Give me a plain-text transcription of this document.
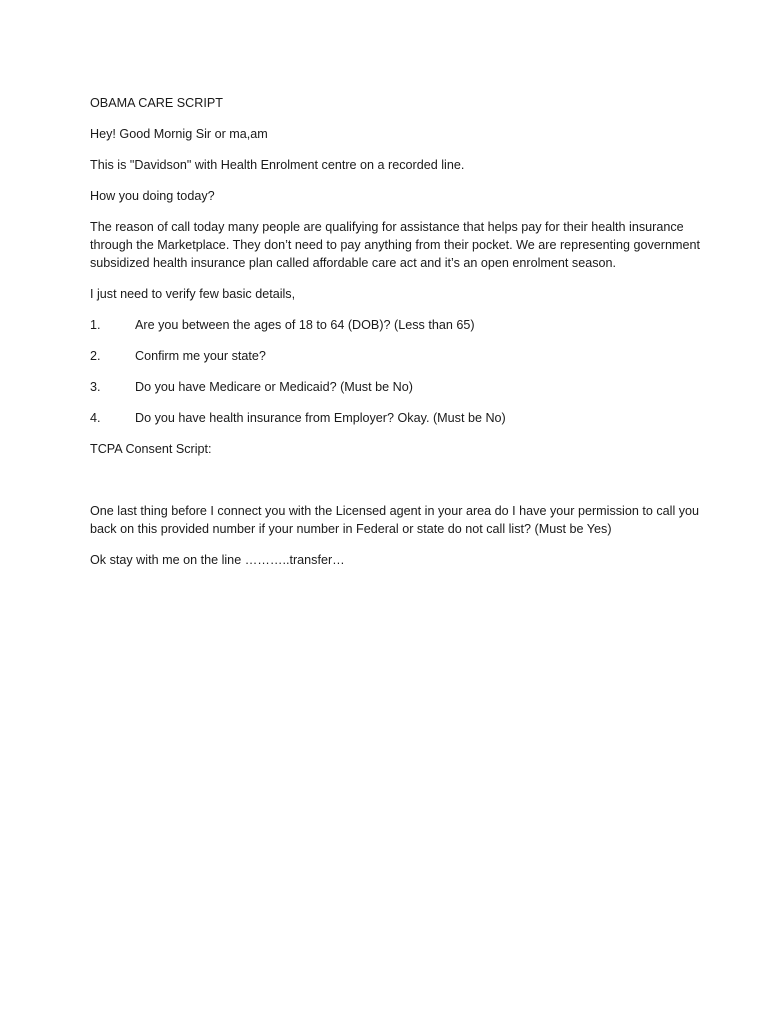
OBAMA CARE SCRIPT

Hey! Good Mornig Sir or ma,am

This is "Davidson" with Health Enrolment centre on a recorded line.

How you doing today?

The reason of call today many people are qualifying for assistance that helps pay for their health insurance through the Marketplace. They don’t need to pay anything from their pocket. We are representing government subsidized health insurance plan called affordable care act and it’s an open enrolment season.

I just need to verify few basic details,

1.	Are you between the ages of 18 to 64 (DOB)? (Less than 65)
2.	Confirm me your state?
3.	Do you have Medicare or Medicaid? (Must be No)
4.	Do you have health insurance from Employer? Okay. (Must be No)

TCPA Consent Script:

One last thing before I connect you with the Licensed agent in your area do I have your permission to call you back on this provided number if your number in Federal or state do not call list? (Must be Yes)

Ok stay with me on the line ………..transfer…
